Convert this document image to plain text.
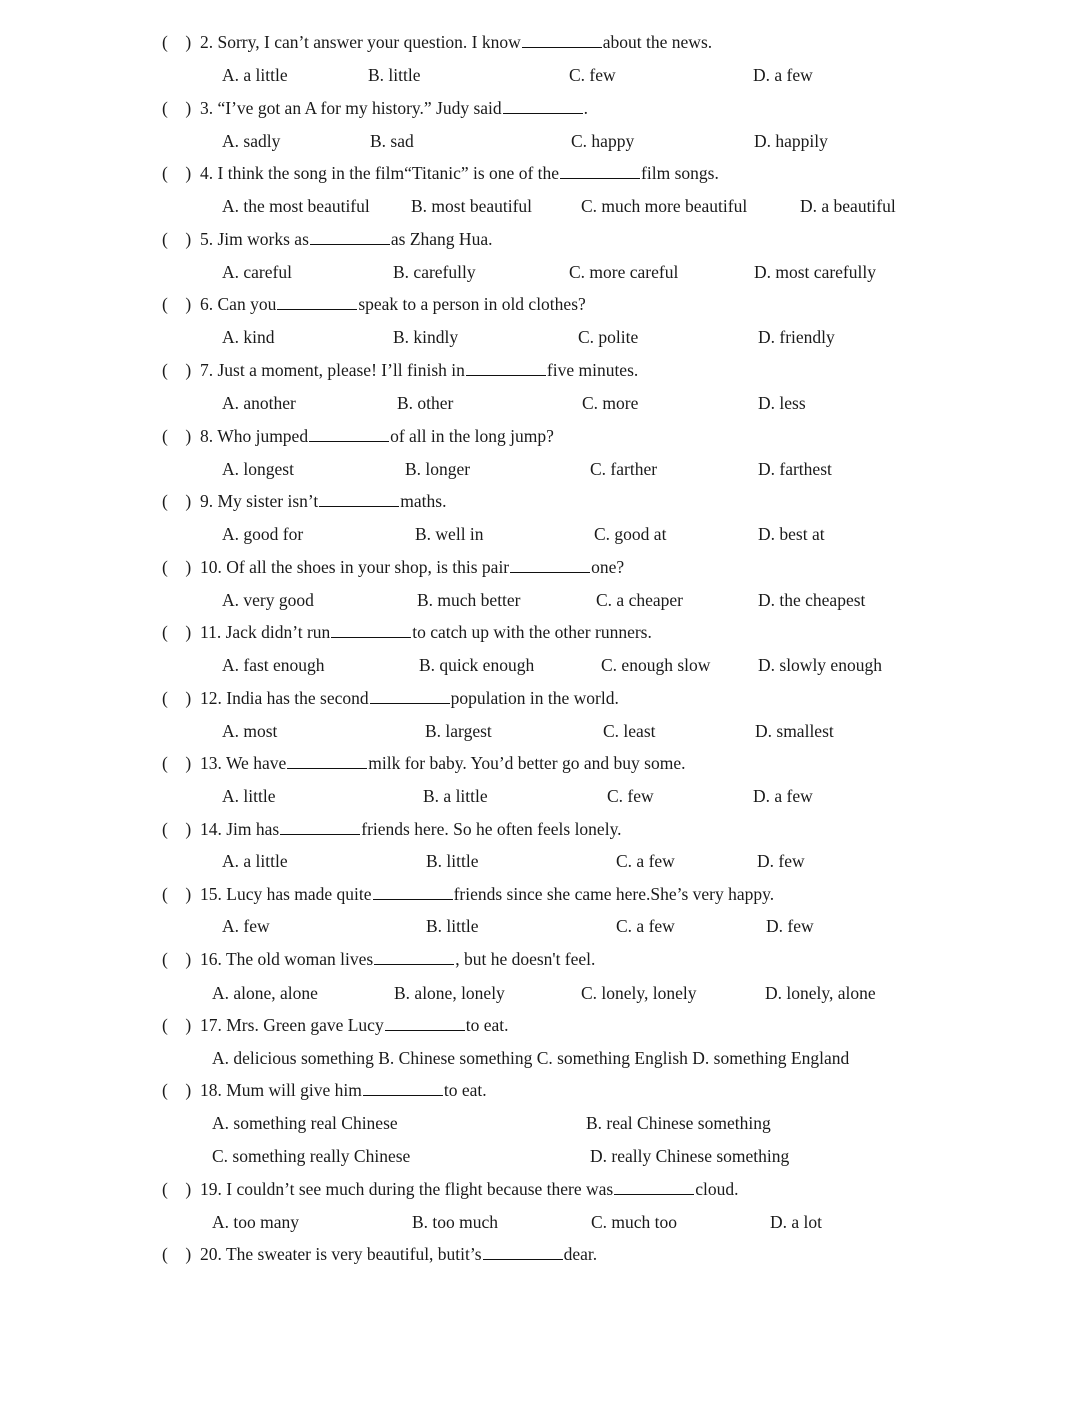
(    ) 2. Sorry, I can’t answer your question. I know	about the news.
A. a little	B. little	C. few	D. a few
(    ) 3. “I’ve got an A for my history.” Judy said	.
A. sadly	B. sad	C. happy	D. happily
(    ) 4. I think the song in the film“Titanic” is one of the	film songs.
A. the most beautiful B. most beautiful	C. much more beautiful	D. a beautiful
(    ) 5. Jim works as	as Zhang Hua.
A. careful	B. carefully	C. more careful	D. most carefully
(    ) 6. Can you	speak to a person in old clothes?
A. kind	B. kindly	C. polite	D. friendly
(    ) 7. Just a moment, please! I’ll finish in	five minutes.
A. another	B. other	C. more	D. less
(    ) 8. Who jumped	of all in the long jump?
A. longest	B. longer	C. farther	D. farthest
(    ) 9. My sister isn’t	maths.
A. good for	B. well in	C. good at	D. best at
(    ) 10. Of all the shoes in your shop, is this pair	one?
A. very good	B. much better	C. a cheaper	D. the cheapest
(    ) 11. Jack didn’t run	to catch up with the other runners.
A. fast enough	B. quick enough	C. enough slow	D. slowly enough
(    ) 12. India has the second	population in the world.
A. most	B. largest	C. least	D. smallest
(    ) 13. We have	milk for baby. You’d better go and buy some.
A. little	B. a little	C. few	D. a few
(    ) 14. Jim has	friends here. So he often feels lonely.
A. a little	B. little	C. a few	D. few
(    ) 15. Lucy has made quite	friends since she came here.She’s very happy.
A. few	B. little	C. a few	D. few
(    ) 16. The old woman lives	, but he doesn't feel.
A. alone, alone	B. alone, lonely	C. lonely, lonely	D. lonely, alone
(    ) 17. Mrs. Green gave Lucy	to eat.
A. delicious something B. Chinese something C. something English D. something England
(    ) 18. Mum will give him	to eat.
A. something real Chinese	B. real Chinese something
C. something really Chinese	D. really Chinese something
(    ) 19. I couldn’t see much during the flight because there was	cloud.
A. too many	B. too much	C. much too	D. a lot
(    ) 20. The sweater is very beautiful, butit’s	dear.
